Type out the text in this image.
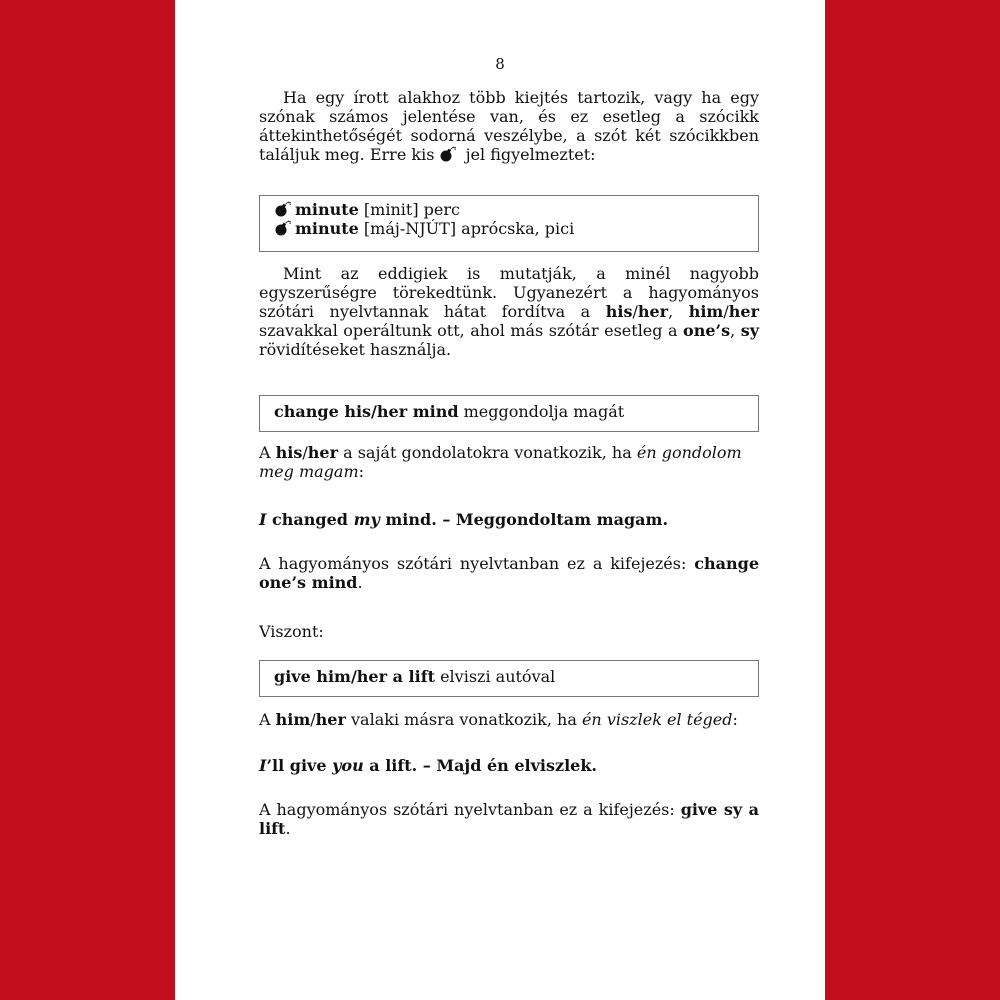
8

Ha egy írott alakhoz több kiejtés tartozik, vagy ha egy szónak számos jelentése van, és ez esetleg a szócikk áttekinthetőségét sodorná veszélybe, a szót két szócikkben találjuk meg. Erre kis  jel figyelmeztet:

minute [minit] perc
minute [máj-NJÚT] aprócska, pici

Mint az eddigiek is mutatják, a minél nagyobb egyszerűségre törekedtünk. Ugyanezért a hagyományos szótári nyelvtannak hátat fordítva a his/her, him/her szavakkal operáltunk ott, ahol más szótár esetleg a one’s, sy rövidítéseket használja.

change his/her mind meggondolja magát

A his/her a saját gondolatokra vonatkozik, ha én gondolom meg magam:

I changed my mind. – Meggondoltam magam.

A hagyományos szótári nyelvtanban ez a kifejezés: change one’s mind.

Viszont:

give him/her a lift elviszi autóval

A him/her valaki másra vonatkozik, ha én viszlek el téged:

I’ll give you a lift. – Majd én elviszlek.

A hagyományos szótári nyelvtanban ez a kifejezés: give sy a lift.
